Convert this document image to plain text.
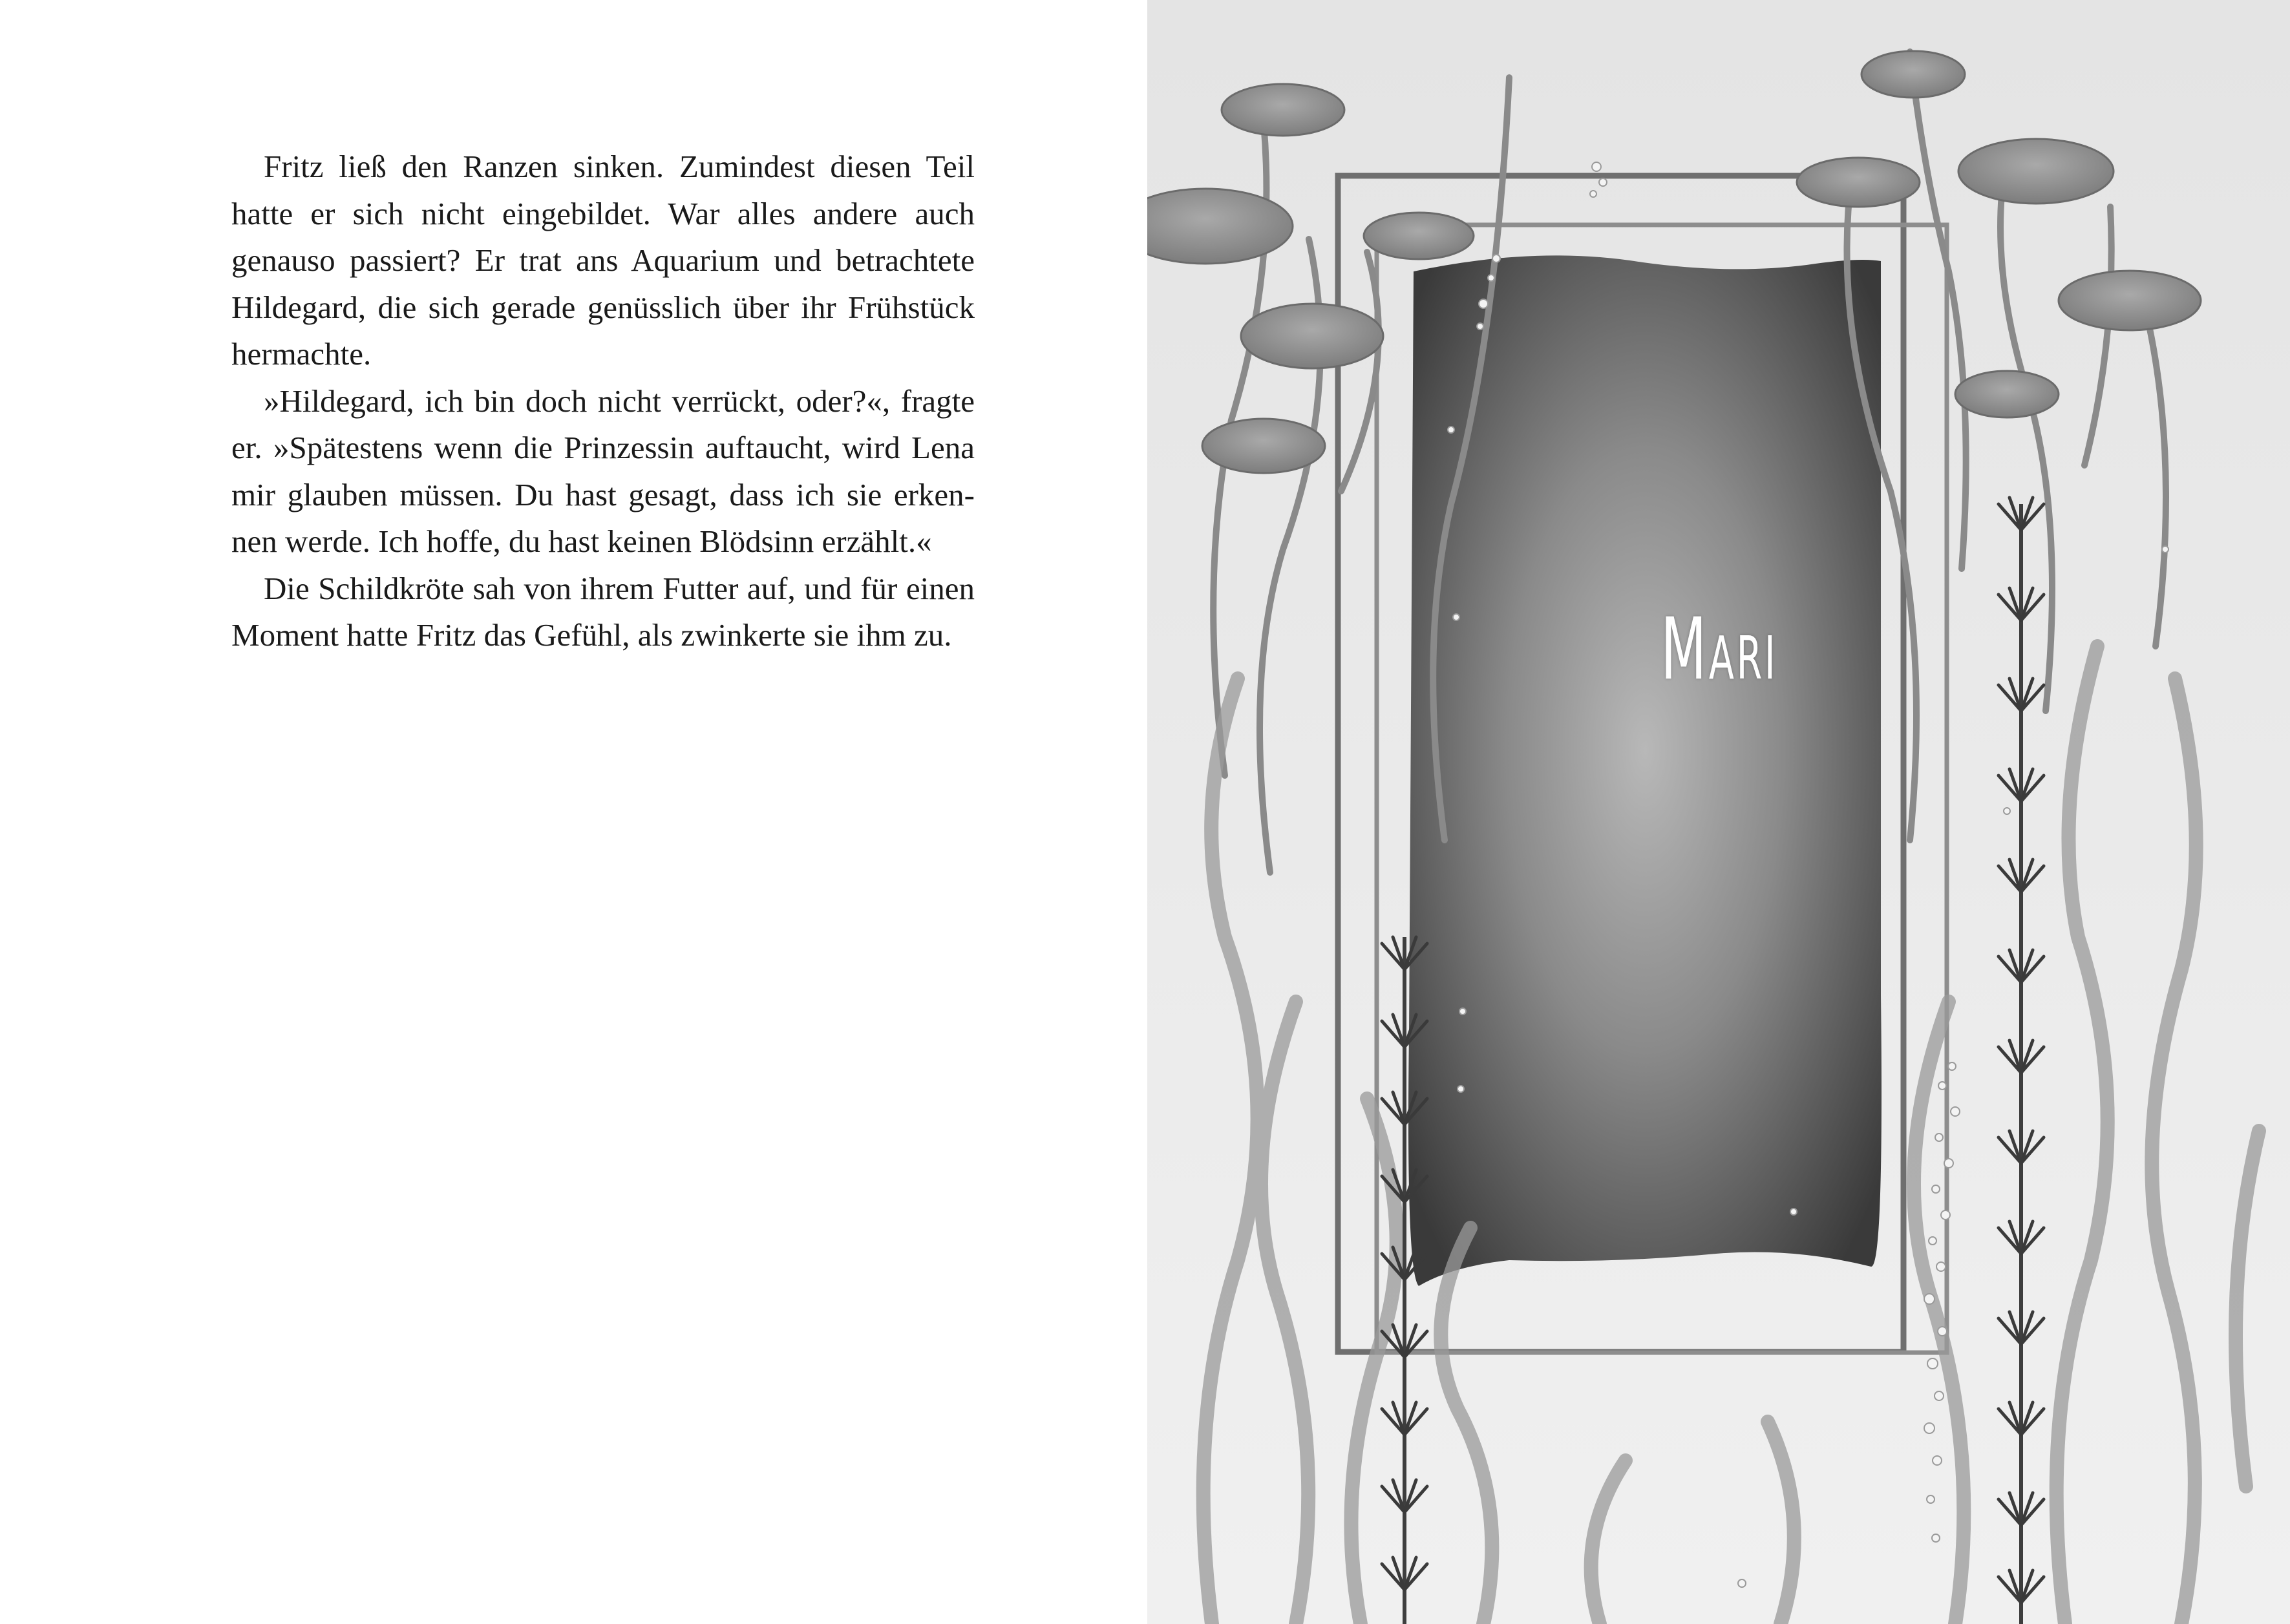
Fritz ließ den Ranzen sinken. Zumindest diesen Teil hatte er sich nicht eingebildet. War alles andere auch genauso passiert? Er trat ans Aquarium und betrachtete Hildegard, die sich gerade genüsslich über ihr Frühstück hermachte.

»Hildegard, ich bin doch nicht verrückt, oder?«, fragte er. »Spätestens wenn die Prinzessin auftaucht, wird Lena mir glauben müssen. Du hast gesagt, dass ich sie erken-nen werde. Ich hoffe, du hast keinen Blödsinn erzählt.«

Die Schildkröte sah von ihrem Futter auf, und für einen Moment hatte Fritz das Gefühl, als zwinkerte sie ihm zu.	Mari
